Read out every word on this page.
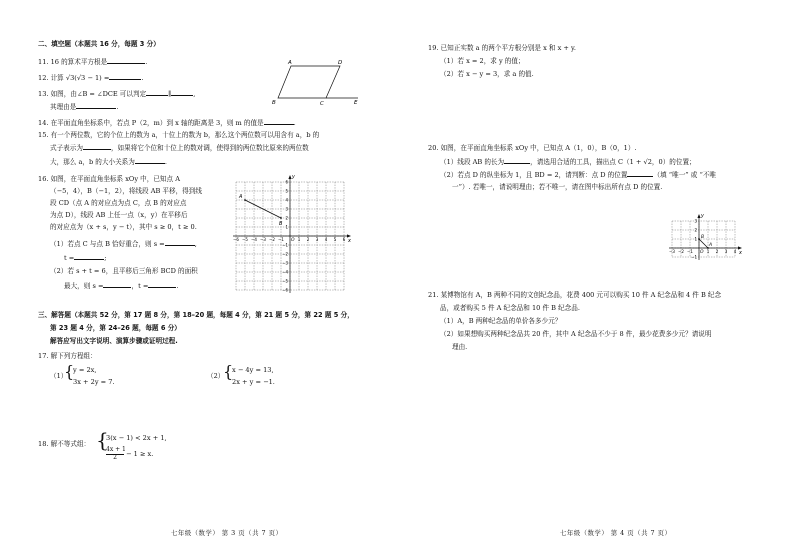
二、填空题（本题共 16 分，每题 3 分）
11. 16 的算术平方根是	.
12. 计算 √3(√3 − 1) =	.
13. 如图，由∠B = ∠DCE 可以判定	∥	,
其理由是	.
A	D
B	C	E
14. 在平面直角坐标系中，若点 P（2，m）到 x 轴的距离是 3，则 m 的值是	.
15. 有一个两位数，它的个位上的数为 a，十位上的数为 b，那么这个两位数可以用含有 a，b 的
式子表示为	，如果将它个位和十位上的数对调，使得到的两位数比原来的两位数
大，那么 a，b 的大小关系为	.
16. 如图，在平面直角坐标系 xOy 中，已知点 A
（−5，4），B（−1，2），将线段 AB 平移，得到线
段 CD（点 A 的对应点为点 C，点 B 的对应点
为点 D），线段 AB 上任一点（x，y）在平移后
的对应点为（x + s，y − t），其中 s ≥ 0，t ≥ 0.
（1）若点 C 与点 B 恰好重合，则 s =	,
t =	;
（2）若 s + t = 6，且平移后三角形 BCD 的面积
最大，则 s =	，t =	.
x
y
O
−6 −5 −4 −3 −2 −1	1 2 3 4 5 6
6
5
4
3
2
1
−1
−2
−3
−4
−5
−6
A
B
三、解答题（本题共 52 分，第 17 题 8 分，第 18–20 题，每题 4 分，第 21 题 5 分，第 22 题 5 分，
第 23 题 4 分，第 24–26 题，每题 6 分）
解答应写出文字说明、演算步骤或证明过程.
17. 解下列方程组：
（1）
{
y = 2x,
3x + 2y = 7.
（2）
{
x − 4y = 13,
2x + y = −1.
18. 解不等式组： {
3(x − 1) < 2x + 1,
4x + 1
2	− 1 ≥ x.
七年级（数学） 第 3 页（共 7 页）
19. 已知正实数 a 的两个平方根分别是 x 和 x + y.
（1）若 x = 2，求 y 的值；
（2）若 x − y = 3，求 a 的值.
20. 如图，在平面直角坐标系 xOy 中，已知点 A（1，0），B（0，1）.
（1）线段 AB 的长为	，请选用合适的工具，描出点 C（1 + √2，0）的位置；
（2）若点 D 的纵坐标为 1，且 BD = 2，请判断：点 D 的位置	（填 “唯一” 或 “不唯
一”）. 若唯一，请说明理由；若不唯一，请在图中标出所有点 D 的位置.
x
y
O
−3 −2 −1	1 2 3 4
3
2
1
−1
A
B
21. 某博物馆有 A，B 两种不同的文创纪念品，花费 400 元可以购买 10 件 A 纪念品和 4 件 B 纪念
品，或者购买 5 件 A 纪念品和 10 件 B 纪念品.
（1）A，B 两种纪念品的单价各多少元？
（2）如果想购买两种纪念品共 20 件，其中 A 纪念品不少于 8 件，最少花费多少元？请说明
理由.
七年级（数学） 第 4 页（共 7 页）
